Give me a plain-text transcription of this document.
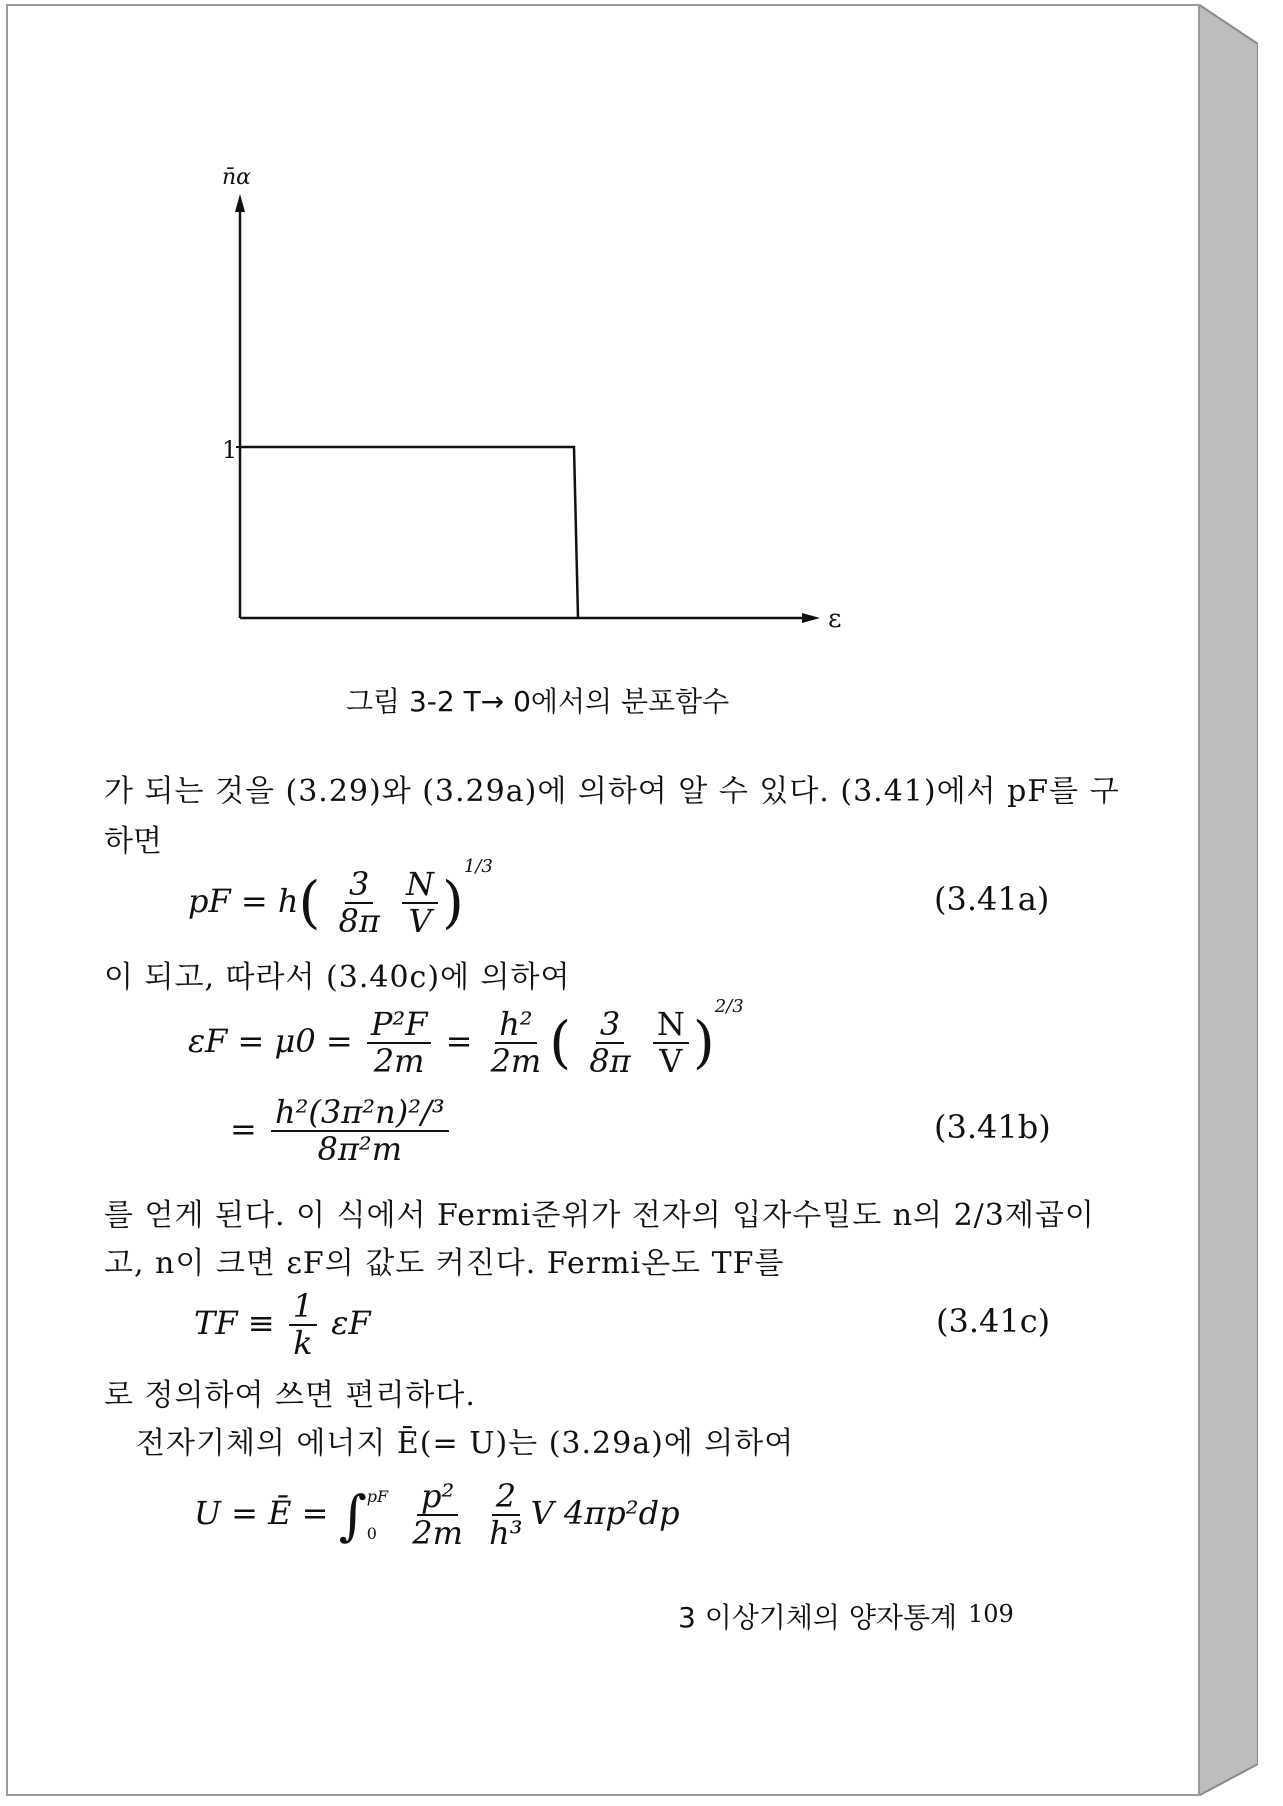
n̄α
1
ε
그림 3-2 T→ 0에서의 분포함수
가 되는 것을 (3.29)와 (3.29a)에 의하여 알 수 있다. (3.41)에서 pF를 구
하면
pF = $h( \frac{3}{8\pi}$
$\frac{N}{V} )^{1/3}$
(3.41a)
이 되고, 따라서 (3.40c)에 의하여
$\varepsilon F = \mu 0 = \frac{\text{P²F}}{2m} = \frac{\text{h²}}{2m}$ ( $\frac{3}{8\pi}$
$\frac{N}{V} )^{2/3}$
= $\frac{\text{h²(3π²n)²/³}}{\text{8π²m}}$	(3.41b)
를 얻게 된다. 이 식에서 Fermi준위가 전자의 입자수밀도 n의 2/3제곱이
고, n이 크면 εF의 값도 커진다. Fermi온도 TF를
TF ≡ $\frac{1}{k}$ εF	(3.41c)
로 정의하여 쓰면 편리하다.
전자기체의 에너지 Ē(= U)는 (3.29a)에 의하여
U = Ē = ∫ pF
0
$\frac{\text{p²}}{2m}$
$\frac{2}{\text{h³}}$ V 4πp²dp
3 이상기체의 양자통계 109
